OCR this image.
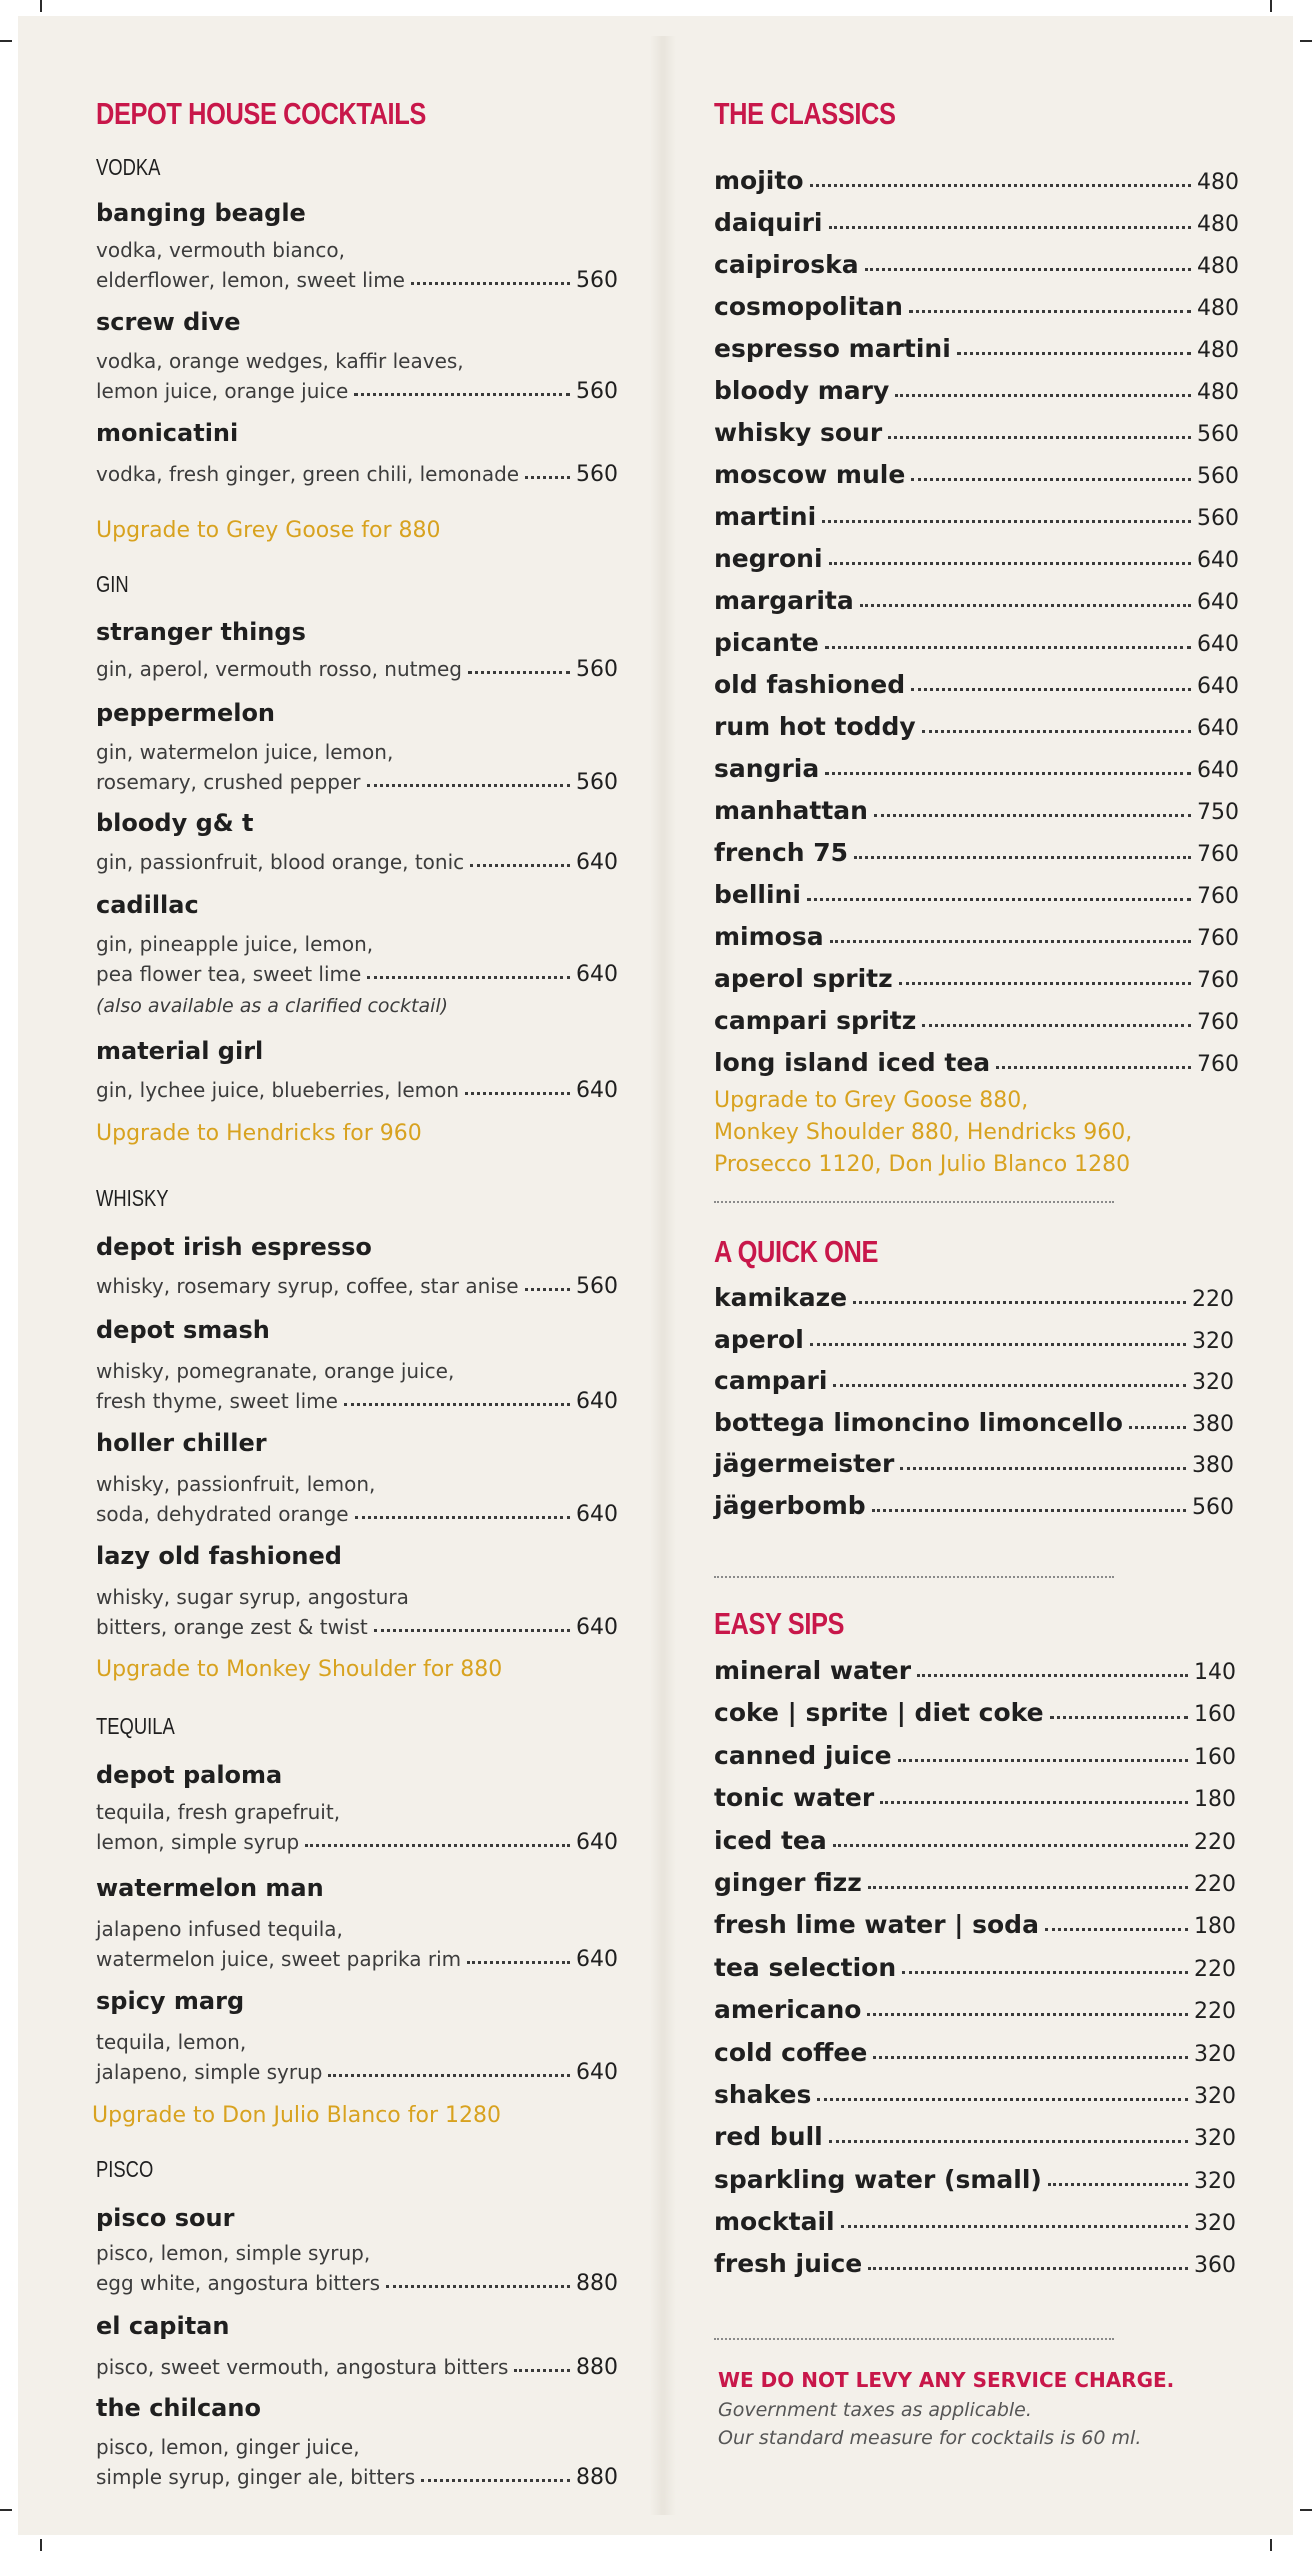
DEPOT HOUSE COCKTAILS
VODKA
banging beagle
vodka, vermouth bianco,
elderflower, lemon, sweet lime	560
screw dive
vodka, orange wedges, kaffir leaves,
lemon juice, orange juice	560
monicatini
vodka, fresh ginger, green chili, lemonade	560
Upgrade to Grey Goose for 880
GIN
stranger things
gin, aperol, vermouth rosso, nutmeg	560
peppermelon
gin, watermelon juice, lemon,
rosemary, crushed pepper	560
bloody g& t
gin, passionfruit, blood orange, tonic	640
cadillac
gin, pineapple juice, lemon,
pea flower tea, sweet lime	640
(also available as a clarified cocktail)
material girl
gin, lychee juice, blueberries, lemon	640
Upgrade to Hendricks for 960
WHISKY
depot irish espresso
whisky, rosemary syrup, coffee, star anise	560
depot smash
whisky, pomegranate, orange juice,
fresh thyme, sweet lime	640
holler chiller
whisky, passionfruit, lemon,
soda, dehydrated orange	640
lazy old fashioned
whisky, sugar syrup, angostura
bitters, orange zest & twist	640
Upgrade to Monkey Shoulder for 880
TEQUILA
depot paloma
tequila, fresh grapefruit,
lemon, simple syrup	640
watermelon man
jalapeno infused tequila,
watermelon juice, sweet paprika rim	640
spicy marg
tequila, lemon,
jalapeno, simple syrup	640
Upgrade to Don Julio Blanco for 1280
PISCO
pisco sour
pisco, lemon, simple syrup,
egg white, angostura bitters	880
el capitan
pisco, sweet vermouth, angostura bitters	880
the chilcano
pisco, lemon, ginger juice,
simple syrup, ginger ale, bitters	880
THE CLASSICS
mojito	480
daiquiri	480
caipiroska	480
cosmopolitan	480
espresso martini	480
bloody mary	480
whisky sour	560
moscow mule	560
martini	560
negroni	640
margarita	640
picante	640
old fashioned	640
rum hot toddy	640
sangria	640
manhattan	750
french 75	760
bellini	760
mimosa	760
aperol spritz	760
campari spritz	760
long island iced tea	760
Upgrade to Grey Goose 880,
Monkey Shoulder 880, Hendricks 960,
Prosecco 1120, Don Julio Blanco 1280
A QUICK ONE
kamikaze	220
aperol	320
campari	320
bottega limoncino limoncello	380
jägermeister	380
jägerbomb	560
EASY SIPS
mineral water	140
coke | sprite | diet coke	160
canned juice	160
tonic water	180
iced tea	220
ginger fizz	220
fresh lime water | soda	180
tea selection	220
americano	220
cold coffee	320
shakes	320
red bull	320
sparkling water (small)	320
mocktail	320
fresh juice	360
WE DO NOT LEVY ANY SERVICE CHARGE.
Government taxes as applicable.
Our standard measure for cocktails is 60 ml.
